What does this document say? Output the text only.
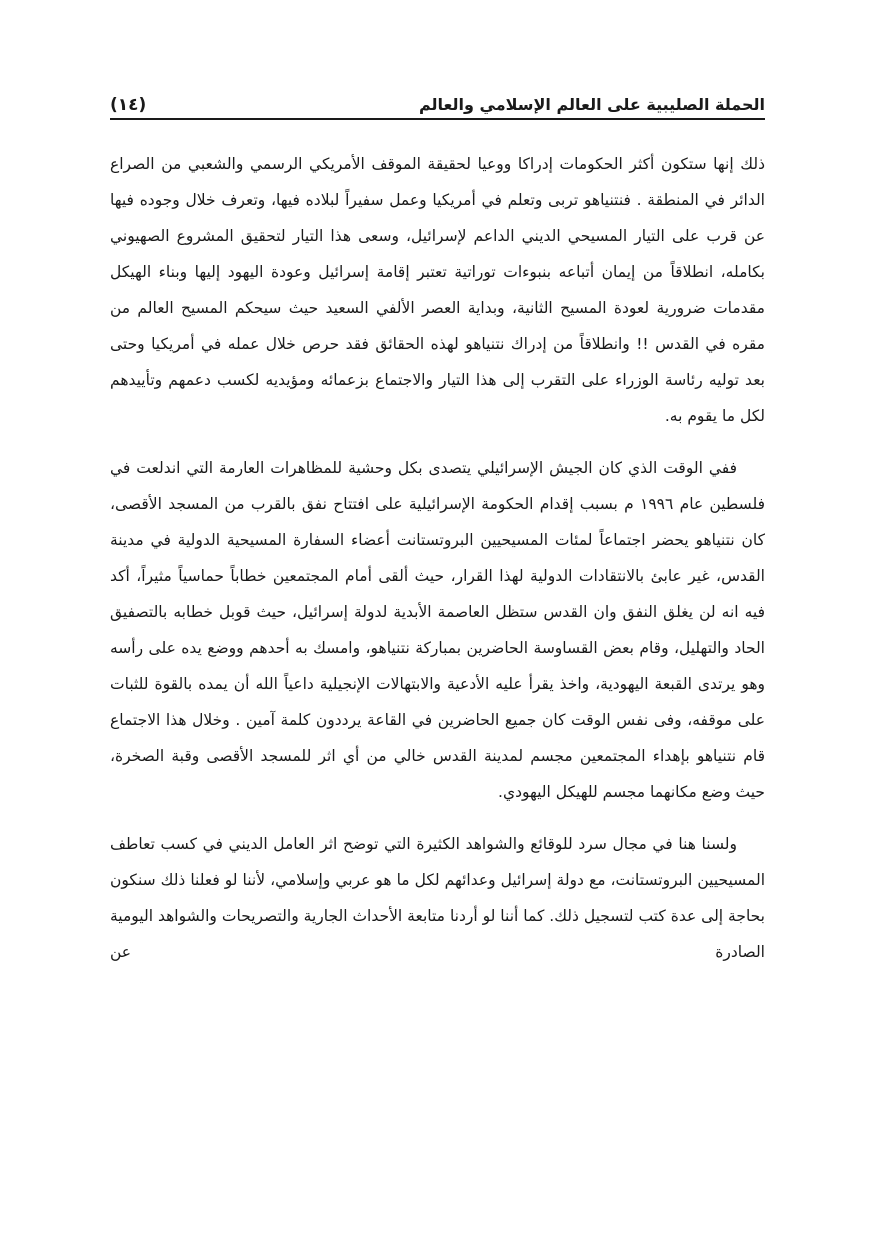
الحملة الصليبية على العالم الإسلامي والعالم
(١٤)

ذلك إنها ستكون أكثر الحكومات إدراكا ووعيا لحقيقة الموقف الأمريكي الرسمي والشعبي من الصراع الدائر في المنطقة . فنتنياهو تربى وتعلم في أمريكيا وعمل سفيراً لبلاده فيها، وتعرف خلال وجوده فيها عن قرب على التيار المسيحي الديني الداعم لإسرائيل، وسعى هذا التيار لتحقيق المشروع الصهيوني بكامله، انطلاقاً من إيمان أتباعه بنبوءات توراتية تعتبر إقامة إسرائيل وعودة اليهود إليها وبناء الهيكل مقدمات ضرورية لعودة المسيح الثانية، وبداية العصر الألفي السعيد حيث سيحكم المسيح العالم من مقره في القدس !! وانطلاقاً من إدراك نتنياهو لهذه الحقائق فقد حرص خلال عمله في أمريكيا وحتى بعد توليه رئاسة الوزراء على التقرب إلى هذا التيار والاجتماع بزعمائه ومؤيديه لكسب دعمهم وتأييدهم لكل ما يقوم به.

ففي الوقت الذي كان الجيش الإسرائيلي يتصدى بكل وحشية للمظاهرات العارمة التي اندلعت في فلسطين عام ١٩٩٦ م بسبب إقدام الحكومة الإسرائيلية على افتتاح نفق بالقرب من المسجد الأقصى، كان نتنياهو يحضر اجتماعاً لمئات المسيحيين البروتستانت أعضاء السفارة المسيحية الدولية في مدينة القدس، غير عابئ بالانتقادات الدولية لهذا القرار، حيث ألقى أمام المجتمعين خطاباً حماسياً مثيراً، أكد فيه انه لن يغلق النفق وان القدس ستظل العاصمة الأبدية لدولة إسرائيل، حيث قوبل خطابه بالتصفيق الحاد والتهليل، وقام بعض القساوسة الحاضرين بمباركة نتنياهو، وامسك به أحدهم ووضع يده على رأسه وهو يرتدى القبعة اليهودية، واخذ يقرأ عليه الأدعية والابتهالات الإنجيلية داعياً الله أن يمده بالقوة للثبات على موقفه، وفى نفس الوقت كان جميع الحاضرين في القاعة يرددون كلمة آمين . وخلال هذا الاجتماع قام نتنياهو بإهداء المجتمعين مجسم لمدينة القدس خالي من أي اثر للمسجد الأقصى وقبة الصخرة، حيث وضع مكانهما مجسم للهيكل اليهودي.

ولسنا هنا في مجال سرد للوقائع والشواهد الكثيرة التي توضح اثر العامل الديني في كسب تعاطف المسيحيين البروتستانت، مع دولة إسرائيل وعدائهم لكل ما هو عربي وإسلامي، لأننا لو فعلنا ذلك سنكون بحاجة إلى عدة كتب لتسجيل ذلك. كما أننا لو أردنا متابعة الأحداث الجارية والتصريحات والشواهد اليومية الصادرة عن
